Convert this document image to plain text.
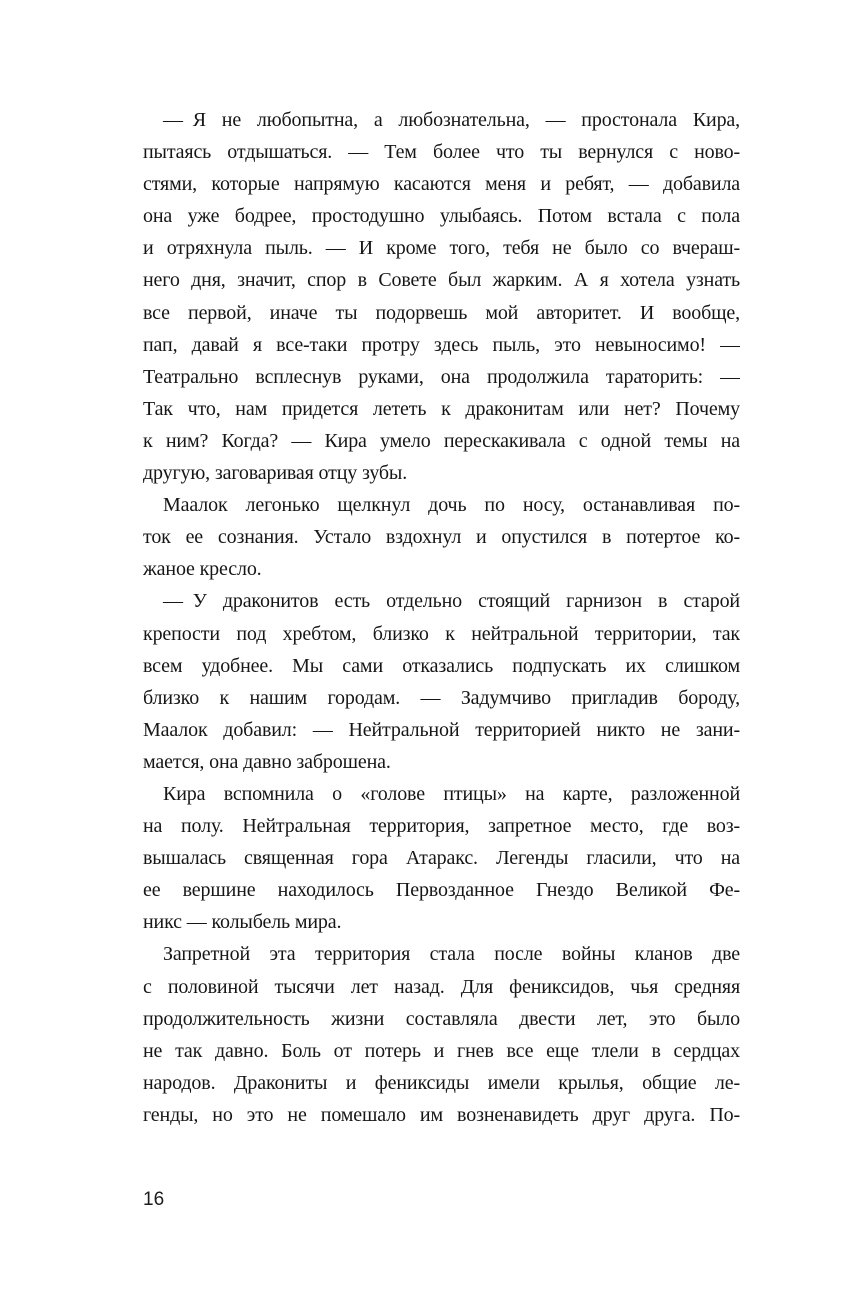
— Я не любопытна, а любознательна, — простонала Кира,
пытаясь отдышаться. — Тем более что ты вернулся с ново-
стями, которые напрямую касаются меня и ребят, — добавила
она уже бодрее, простодушно улыбаясь. Потом встала с пола
и отряхнула пыль. — И кроме того, тебя не было со вчераш-
него дня, значит, спор в Совете был жарким. А я хотела узнать
все первой, иначе ты подорвешь мой авторитет. И вообще,
пап, давай я все-таки протру здесь пыль, это невыносимо! —
Театрально всплеснув руками, она продолжила тараторить: —
Так что, нам придется лететь к драконитам или нет? Почему
к ним? Когда? — Кира умело перескакивала с одной темы на
другую, заговаривая отцу зубы.
Маалок легонько щелкнул дочь по носу, останавливая по-
ток ее сознания. Устало вздохнул и опустился в потертое ко-
жаное кресло.
— У драконитов есть отдельно стоящий гарнизон в старой
крепости под хребтом, близко к нейтральной территории, так
всем удобнее. Мы сами отказались подпускать их слишком
близко к нашим городам. — Задумчиво пригладив бороду,
Маалок добавил: — Нейтральной территорией никто не зани-
мается, она давно заброшена.
Кира вспомнила о «голове птицы» на карте, разложенной
на полу. Нейтральная территория, запретное место, где воз-
вышалась священная гора Атаракс. Легенды гласили, что на
ее вершине находилось Первозданное Гнездо Великой Фе-
никс — колыбель мира.
Запретной эта территория стала после войны кланов две
с половиной тысячи лет назад. Для фениксидов, чья средняя
продолжительность жизни составляла двести лет, это было
не так давно. Боль от потерь и гнев все еще тлели в сердцах
народов. Дракониты и фениксиды имели крылья, общие ле-
генды, но это не помешало им возненавидеть друг друга. По-
16
